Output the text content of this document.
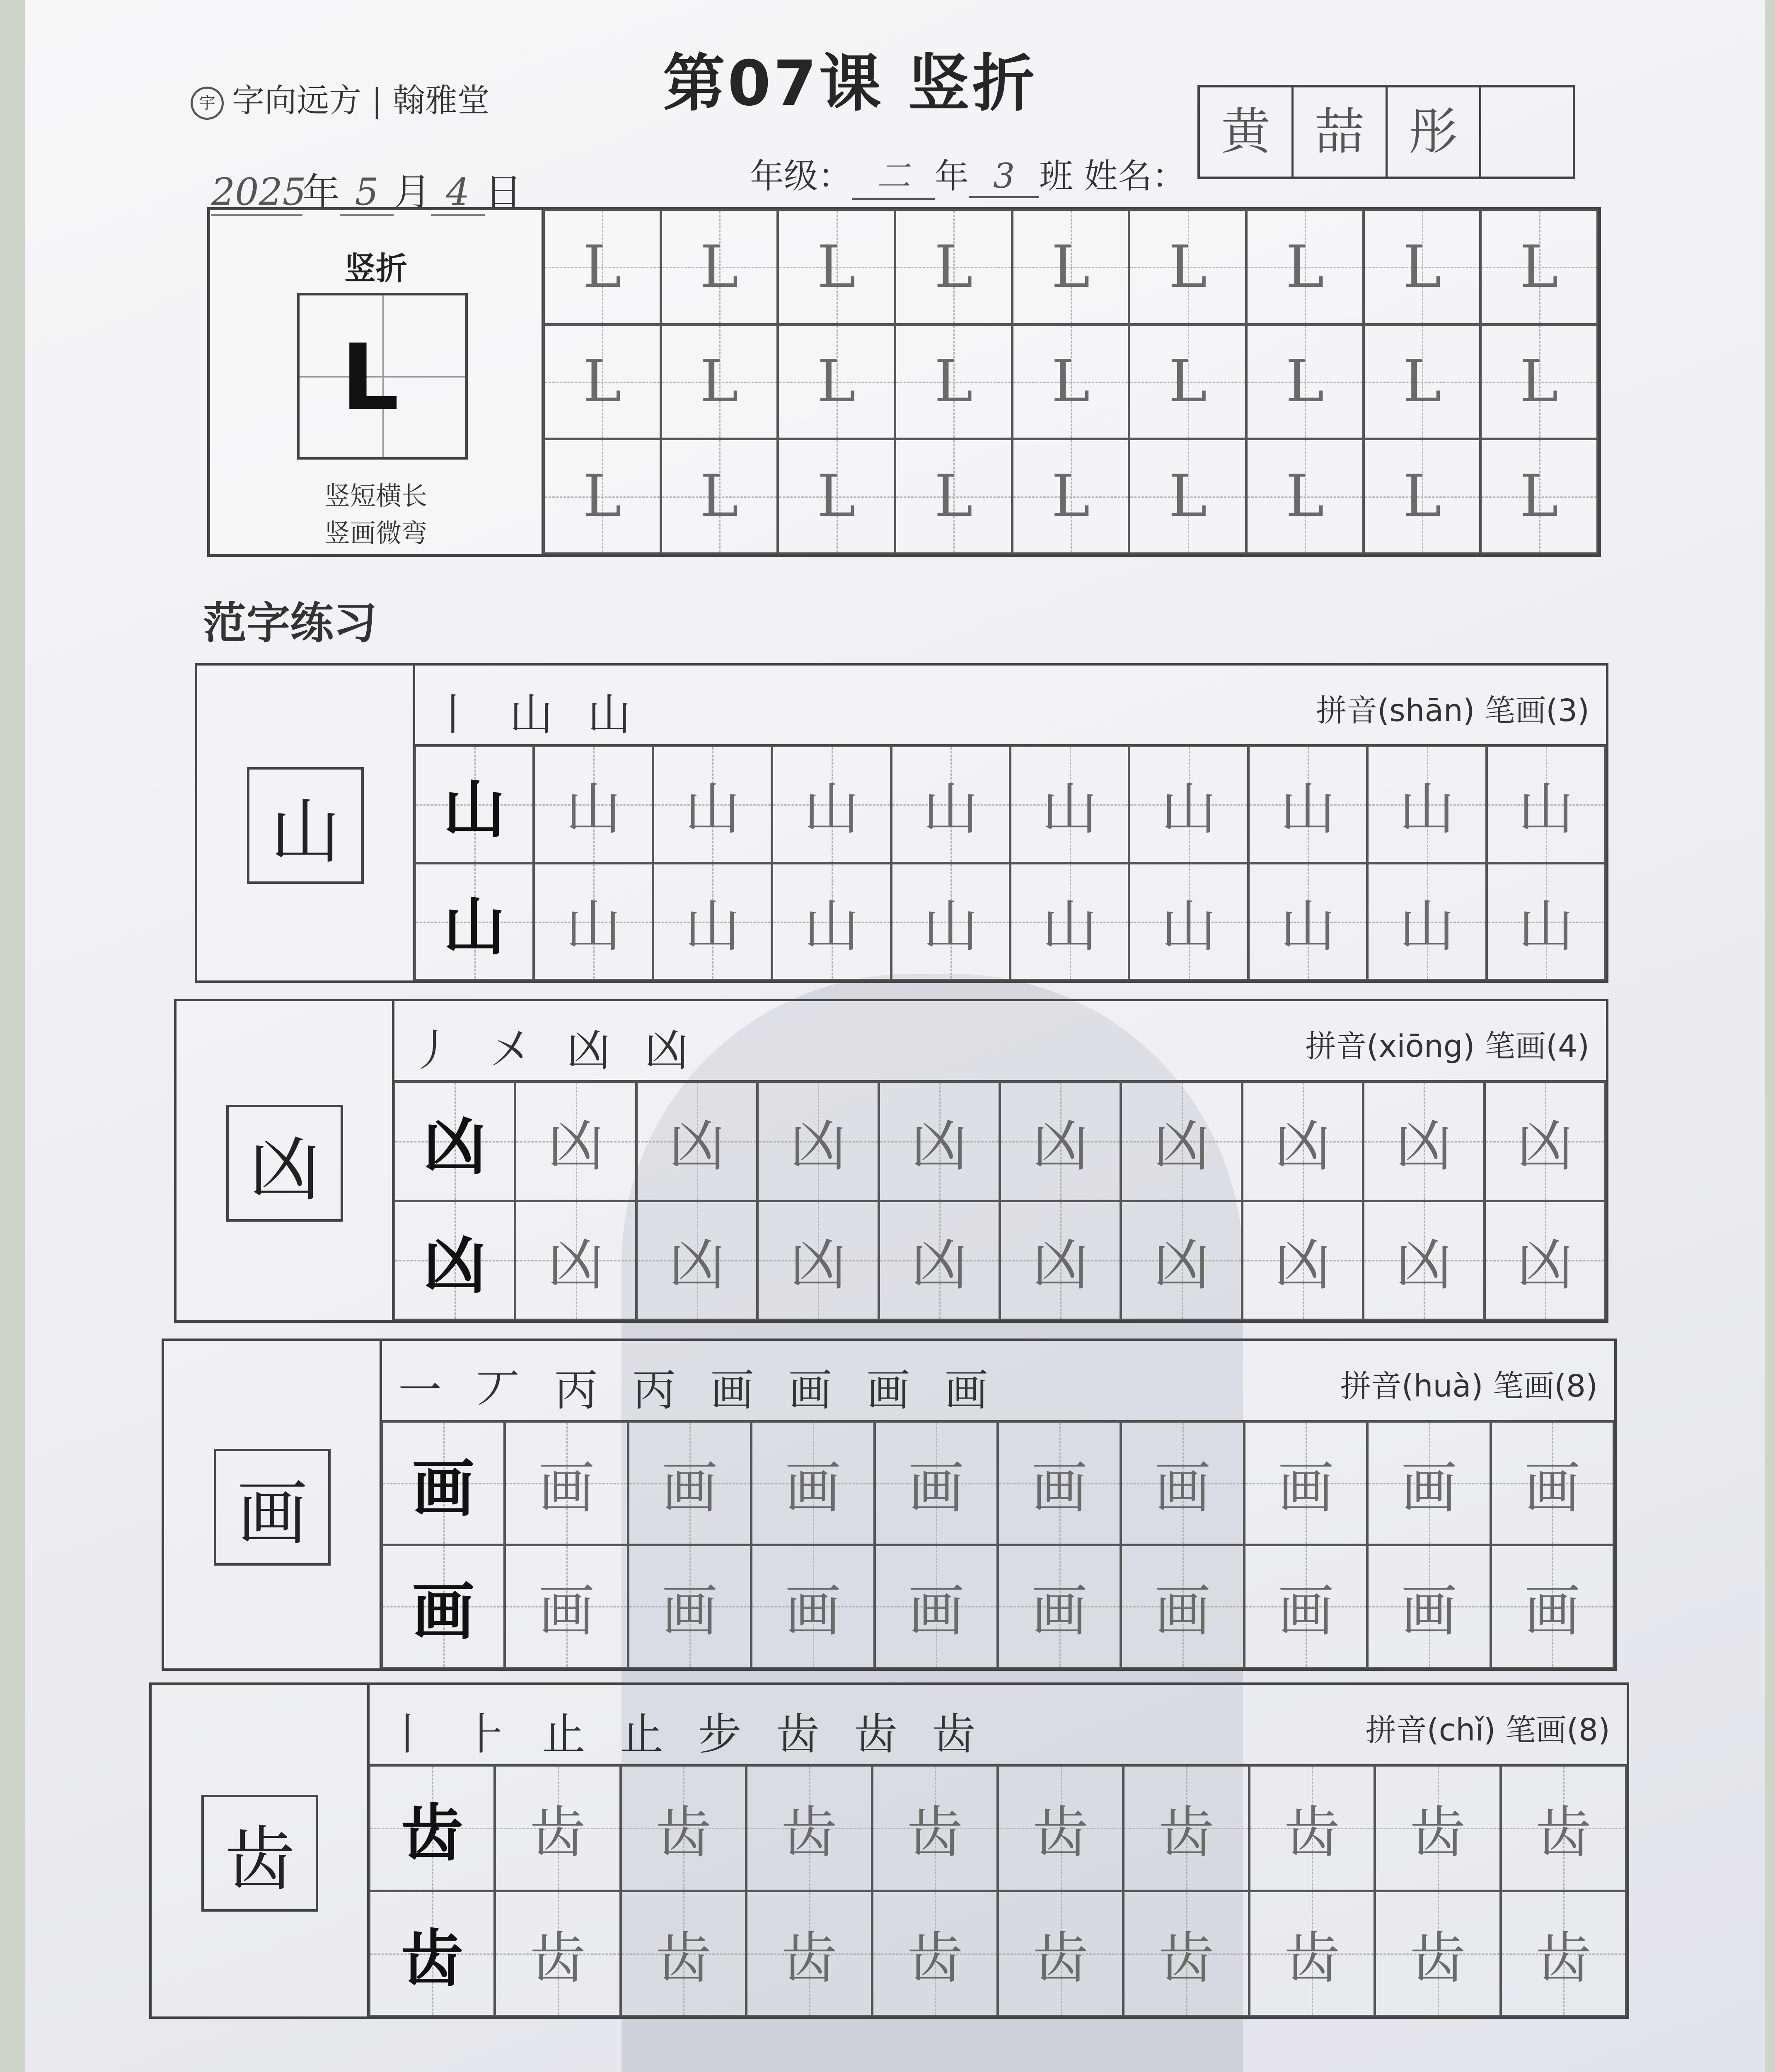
宇 字向远方 | 翰雅堂	第07课 竖折
2025年 5 月 4 日	年级： 二 年 3 班 姓名：
黄 喆 彤
竖折
L
竖短横长
竖画微弯
L	L	L	L	L	L	L	L	L
L	L	L	L	L	L	L	L	L
L	L	L	L	L	L	L	L	L
范字练习
山
丨 山 山	拼音(shān) 笔画(3)
山	山	山	山	山	山	山	山	山	山
山	山	山	山	山	山	山	山	山	山
凶
丿 㐅 凶 凶	拼音(xiōng) 笔画(4)
凶	凶	凶	凶	凶	凶	凶	凶	凶	凶
凶	凶	凶	凶	凶	凶	凶	凶	凶	凶
画
一 丆 丙 丙 画 画 画 画	拼音(huà) 笔画(8)
画	画	画	画	画	画	画	画	画	画
画	画	画	画	画	画	画	画	画	画
齿
丨 ⺊ 止 止 步 齿 齿 齿	拼音(chǐ) 笔画(8)
齿	齿	齿	齿	齿	齿	齿	齿	齿	齿
齿	齿	齿	齿	齿	齿	齿	齿	齿	齿
